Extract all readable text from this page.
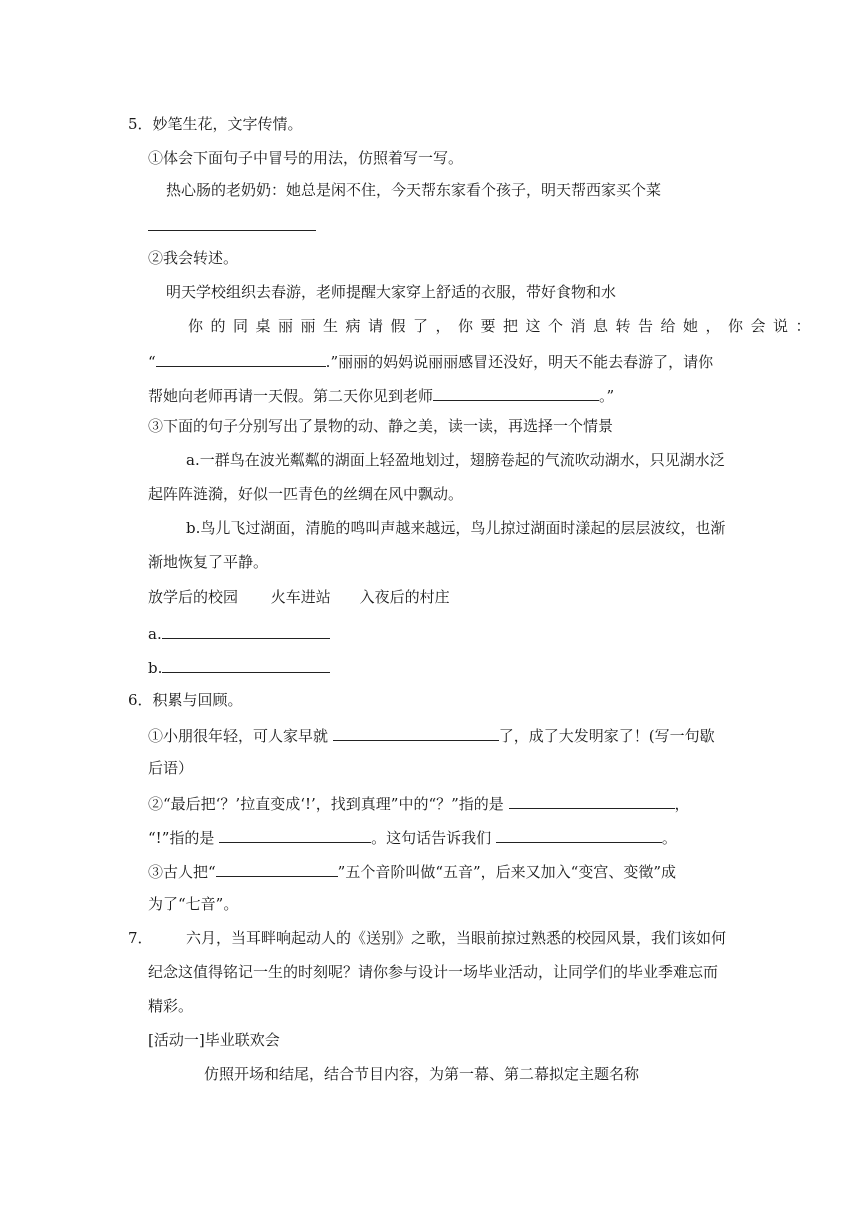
5．妙笔生花，文字传情。
①体会下面句子中冒号的用法，仿照着写一写。
热心肠的老奶奶：她总是闲不住，今天帮东家看个孩子，明天帮西家买个菜
②我会转述。
明天学校组织去春游，老师提醒大家穿上舒适的衣服，带好食物和水
你的同桌丽丽生病请假了，你要把这个消息转告给她，你会说：
“	.”丽丽的妈妈说丽丽感冒还没好，明天不能去春游了，请你
帮她向老师再请一天假。第二天你见到老师	。”
③下面的句子分别写出了景物的动、静之美，读一读，再选择一个情景
a.一群鸟在波光粼粼的湖面上轻盈地划过，翅膀卷起的气流吹动湖水，只见湖水泛
起阵阵涟漪，好似一匹青色的丝绸在风中飘动。
b.鸟儿飞过湖面，清脆的鸣叫声越来越远，鸟儿掠过湖面时漾起的层层波纹，也渐
渐地恢复了平静。
放学后的校园 火车进站 入夜后的村庄
a.
b.
6．积累与回顾。
①小朋很年轻，可人家早就	了，成了大发明家了！(写一句歇
后语）
②“最后把‘？’拉直变成‘!’，找到真理”中的“？”指的是	，
“!”指的是	。这句话告诉我们	。
③古人把“	”五个音阶叫做“五音”，后来又加入“变宫、变徵”成
为了“七音”。
7． 六月，当耳畔响起动人的《送别》之歌，当眼前掠过熟悉的校园风景，我们该如何
纪念这值得铭记一生的时刻呢？请你参与设计一场毕业活动，让同学们的毕业季难忘而
精彩。
[活动一]毕业联欢会
仿照开场和结尾，结合节目内容，为第一幕、第二幕拟定主题名称
